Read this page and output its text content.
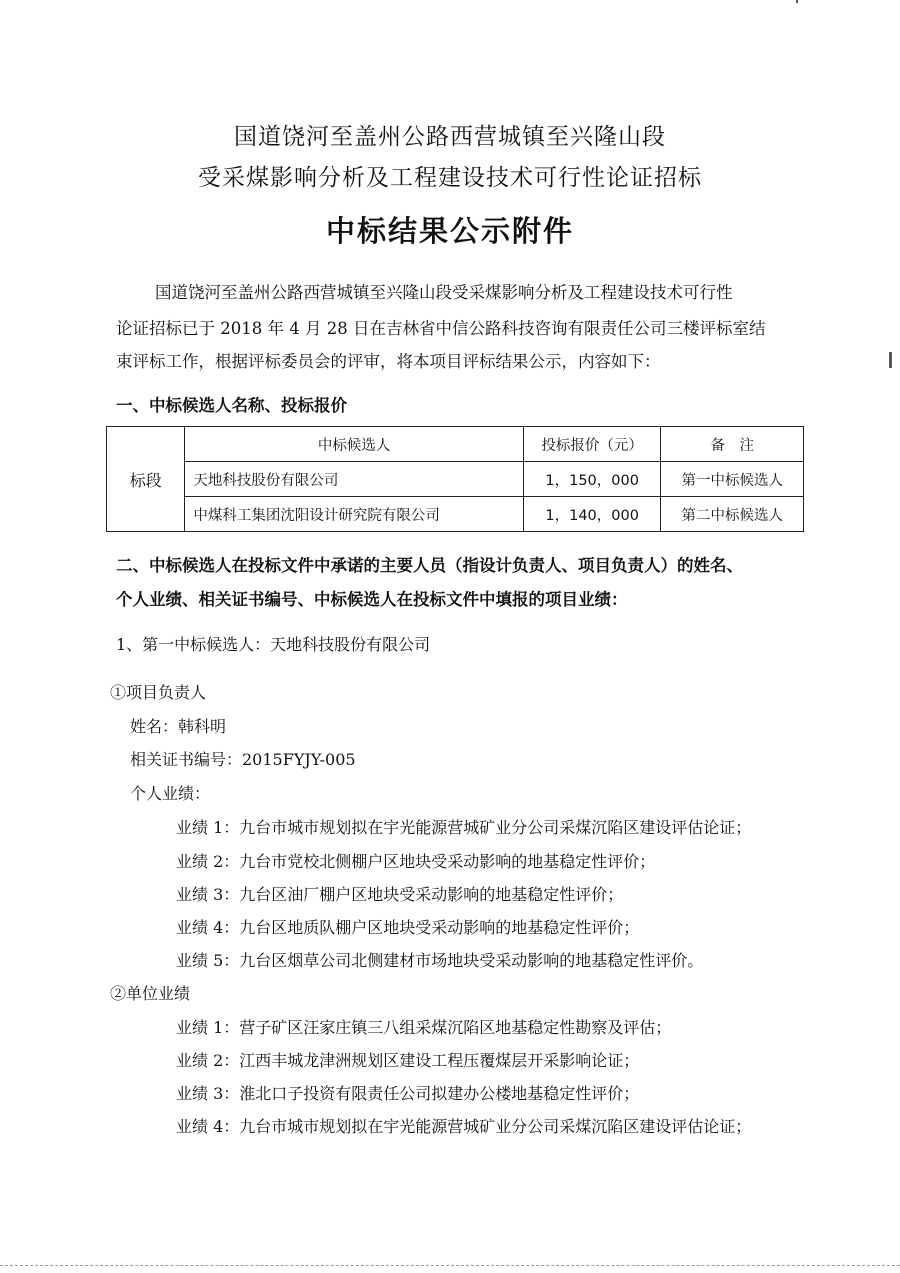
国道饶河至盖州公路西营城镇至兴隆山段
受采煤影响分析及工程建设技术可行性论证招标
中标结果公示附件
国道饶河至盖州公路西营城镇至兴隆山段受采煤影响分析及工程建设技术可行性
论证招标已于 2018 年 4 月 28 日在吉林省中信公路科技咨询有限责任公司三楼评标室结
束评标工作，根据评标委员会的评审，将本项目评标结果公示，内容如下：
一、中标候选人名称、投标报价
标段	中标候选人	投标报价（元）	备　注
	天地科技股份有限公司	1，150，000	第一中标候选人
	中煤科工集团沈阳设计研究院有限公司	1，140，000	第二中标候选人
二、中标候选人在投标文件中承诺的主要人员（指设计负责人、项目负责人）的姓名、
个人业绩、相关证书编号、中标候选人在投标文件中填报的项目业绩：
1、第一中标候选人：天地科技股份有限公司
①项目负责人
姓名：韩科明
相关证书编号：2015FYJY-005
个人业绩：
业绩 1：九台市城市规划拟在宇光能源营城矿业分公司采煤沉陷区建设评估论证；
业绩 2：九台市党校北侧棚户区地块受采动影响的地基稳定性评价；
业绩 3：九台区油厂棚户区地块受采动影响的地基稳定性评价；
业绩 4：九台区地质队棚户区地块受采动影响的地基稳定性评价；
业绩 5：九台区烟草公司北侧建材市场地块受采动影响的地基稳定性评价。
②单位业绩
业绩 1：营子矿区汪家庄镇三八组采煤沉陷区地基稳定性勘察及评估；
业绩 2：江西丰城龙津洲规划区建设工程压覆煤层开采影响论证；
业绩 3：淮北口子投资有限责任公司拟建办公楼地基稳定性评价；
业绩 4：九台市城市规划拟在宇光能源营城矿业分公司采煤沉陷区建设评估论证；
